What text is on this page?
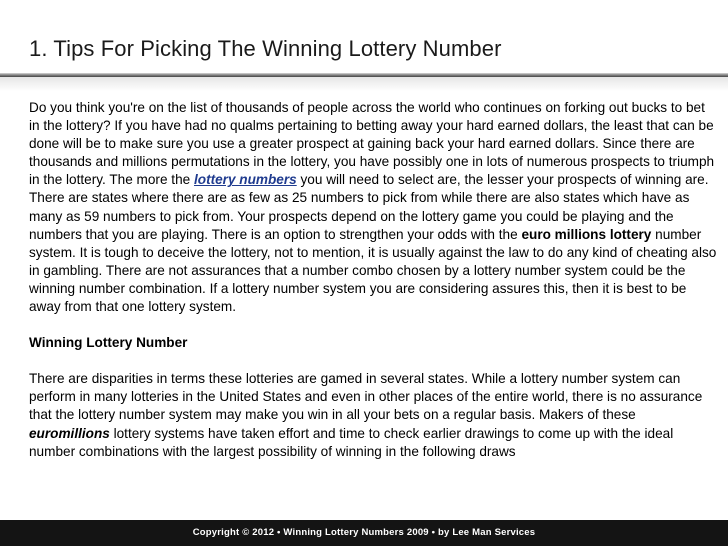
1. Tips For Picking The Winning Lottery Number

Do you think you're on the list of thousands of people across the world who continues on forking out bucks to bet in the lottery? If you have had no qualms pertaining to betting away your hard earned dollars, the least that can be done will be to make sure you use a greater prospect at gaining back your hard earned dollars. Since there are thousands and millions permutations in the lottery, you have possibly one in lots of numerous prospects to triumph in the lottery. The more the lottery numbers you will need to select are, the lesser your prospects of winning are. There are states where there are as few as 25 numbers to pick from while there are also states which have as many as 59 numbers to pick from. Your prospects depend on the lottery game you could be playing and the numbers that you are playing. There is an option to strengthen your odds with the euro millions lottery number system. It is tough to deceive the lottery, not to mention, it is usually against the law to do any kind of cheating also in gambling. There are not assurances that a number combo chosen by a lottery number system could be the winning number combination. If a lottery number system you are considering assures this, then it is best to be away from that one lottery system.

Winning Lottery Number

There are disparities in terms these lotteries are gamed in several states. While a lottery number system can perform in many lotteries in the United States and even in other places of the entire world, there is no assurance that the lottery number system may make you win in all your bets on a regular basis. Makers of these euromillions lottery systems have taken effort and time to check earlier drawings to come up with the ideal number combinations with the largest possibility of winning in the following draws

Copyright © 2012 • Winning Lottery Numbers 2009 • by Lee Man Services
